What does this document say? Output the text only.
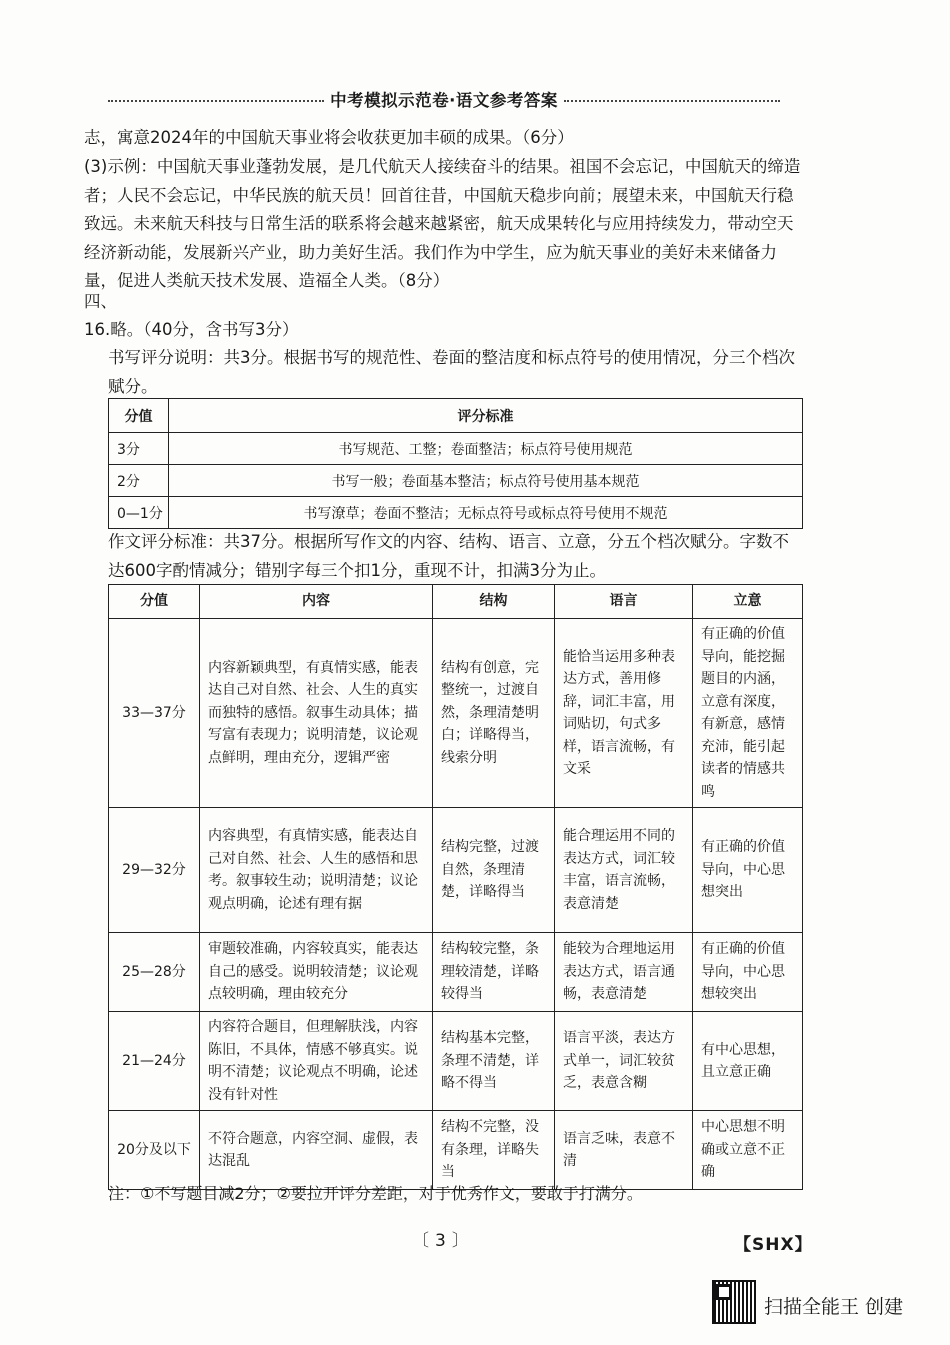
中考模拟示范卷·语文参考答案

志，寓意2024年的中国航天事业将会收获更加丰硕的成果。（6分）

(3)示例：中国航天事业蓬勃发展，是几代航天人接续奋斗的结果。祖国不会忘记，中国航天的缔造者；人民不会忘记，中华民族的航天员！回首往昔，中国航天稳步向前；展望未来，中国航天行稳致远。未来航天科技与日常生活的联系将会越来越紧密，航天成果转化与应用持续发力，带动空天经济新动能，发展新兴产业，助力美好生活。我们作为中学生，应为航天事业的美好未来储备力量，促进人类航天技术发展、造福全人类。（8分）

四、

16.略。（40分，含书写3分）

书写评分说明：共3分。根据书写的规范性、卷面的整洁度和标点符号的使用情况，分三个档次赋分。

分值	评分标准
3分	书写规范、工整；卷面整洁；标点符号使用规范
2分	书写一般；卷面基本整洁；标点符号使用基本规范
0—1分	书写潦草；卷面不整洁；无标点符号或标点符号使用不规范

作文评分标准：共37分。根据所写作文的内容、结构、语言、立意，分五个档次赋分。字数不达600字酌情减分；错别字每三个扣1分，重现不计，扣满3分为止。

分值	内容	结构	语言	立意
33—37分	内容新颖典型，有真情实感，能表达自己对自然、社会、人生的真实而独特的感悟。叙事生动具体；描写富有表现力；说明清楚，议论观点鲜明，理由充分，逻辑严密	结构有创意，完整统一，过渡自然，条理清楚明白；详略得当，线索分明	能恰当运用多种表达方式，善用修辞，词汇丰富，用词贴切，句式多样，语言流畅，有文采	有正确的价值导向，能挖掘题目的内涵，立意有深度，有新意，感情充沛，能引起读者的情感共鸣
29—32分	内容典型，有真情实感，能表达自己对自然、社会、人生的感悟和思考。叙事较生动；说明清楚；议论观点明确，论述有理有据	结构完整，过渡自然，条理清楚，详略得当	能合理运用不同的表达方式，词汇较丰富，语言流畅，表意清楚	有正确的价值导向，中心思想突出
25—28分	审题较准确，内容较真实，能表达自己的感受。说明较清楚；议论观点较明确，理由较充分	结构较完整，条理较清楚，详略较得当	能较为合理地运用表达方式，语言通畅，表意清楚	有正确的价值导向，中心思想较突出
21—24分	内容符合题目，但理解肤浅，内容陈旧，不具体，情感不够真实。说明不清楚；议论观点不明确，论述没有针对性	结构基本完整，条理不清楚，详略不得当	语言平淡，表达方式单一，词汇较贫乏，表意含糊	有中心思想，且立意正确
20分及以下	不符合题意，内容空洞、虚假，表达混乱	结构不完整，没有条理，详略失当	语言乏味，表意不清	中心思想不明确或立意不正确
注：①不写题目减2分；②要拉开评分差距，对于优秀作文，要敢于打满分。
〔3〕	【SHX】
扫描全能王 创建
